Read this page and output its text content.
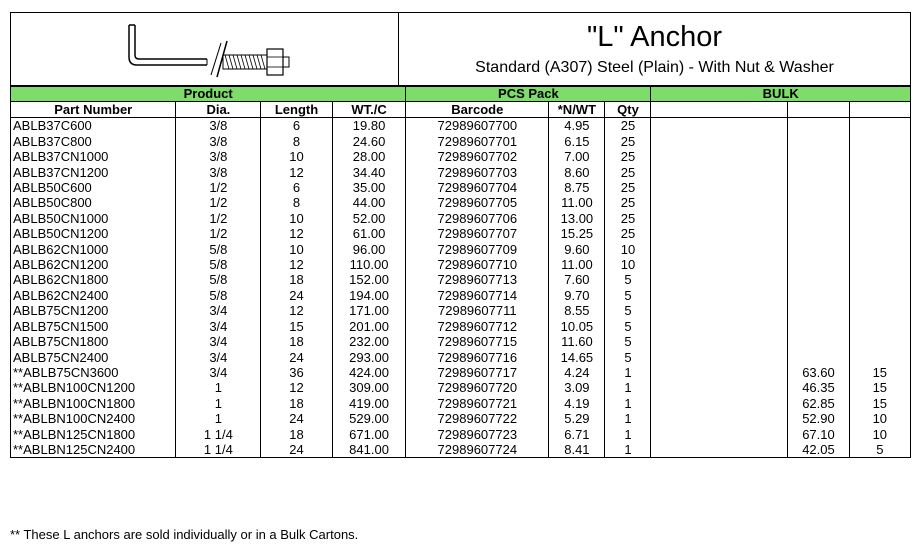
"L" Anchor
Standard (A307) Steel (Plain) - With Nut & Washer
Product				PCS Pack			BULK		
Part Number	Dia.	Length	WT./C	Barcode	*N/WT	Qty			
ABLB37C600	3/8	6	19.80	72989607700	4.95	25			
ABLB37C800	3/8	8	24.60	72989607701	6.15	25			
ABLB37CN1000	3/8	10	28.00	72989607702	7.00	25			
ABLB37CN1200	3/8	12	34.40	72989607703	8.60	25			
ABLB50C600	1/2	6	35.00	72989607704	8.75	25			
ABLB50C800	1/2	8	44.00	72989607705	11.00	25			
ABLB50CN1000	1/2	10	52.00	72989607706	13.00	25			
ABLB50CN1200	1/2	12	61.00	72989607707	15.25	25			
ABLB62CN1000	5/8	10	96.00	72989607709	9.60	10			
ABLB62CN1200	5/8	12	110.00	72989607710	11.00	10			
ABLB62CN1800	5/8	18	152.00	72989607713	7.60	5			
ABLB62CN2400	5/8	24	194.00	72989607714	9.70	5			
ABLB75CN1200	3/4	12	171.00	72989607711	8.55	5			
ABLB75CN1500	3/4	15	201.00	72989607712	10.05	5			
ABLB75CN1800	3/4	18	232.00	72989607715	11.60	5			
ABLB75CN2400	3/4	24	293.00	72989607716	14.65	5			
**ABLB75CN3600	3/4	36	424.00	72989607717	4.24	1		63.60	15
**ABLBN100CN1200	1	12	309.00	72989607720	3.09	1		46.35	15
**ABLBN100CN1800	1	18	419.00	72989607721	4.19	1		62.85	15
**ABLBN100CN2400	1	24	529.00	72989607722	5.29	1		52.90	10
**ABLBN125CN1800	1 1/4	18	671.00	72989607723	6.71	1		67.10	10
**ABLBN125CN2400	1 1/4	24	841.00	72989607724	8.41	1		42.05	5
** These L anchors are sold individually or in a Bulk Cartons.
